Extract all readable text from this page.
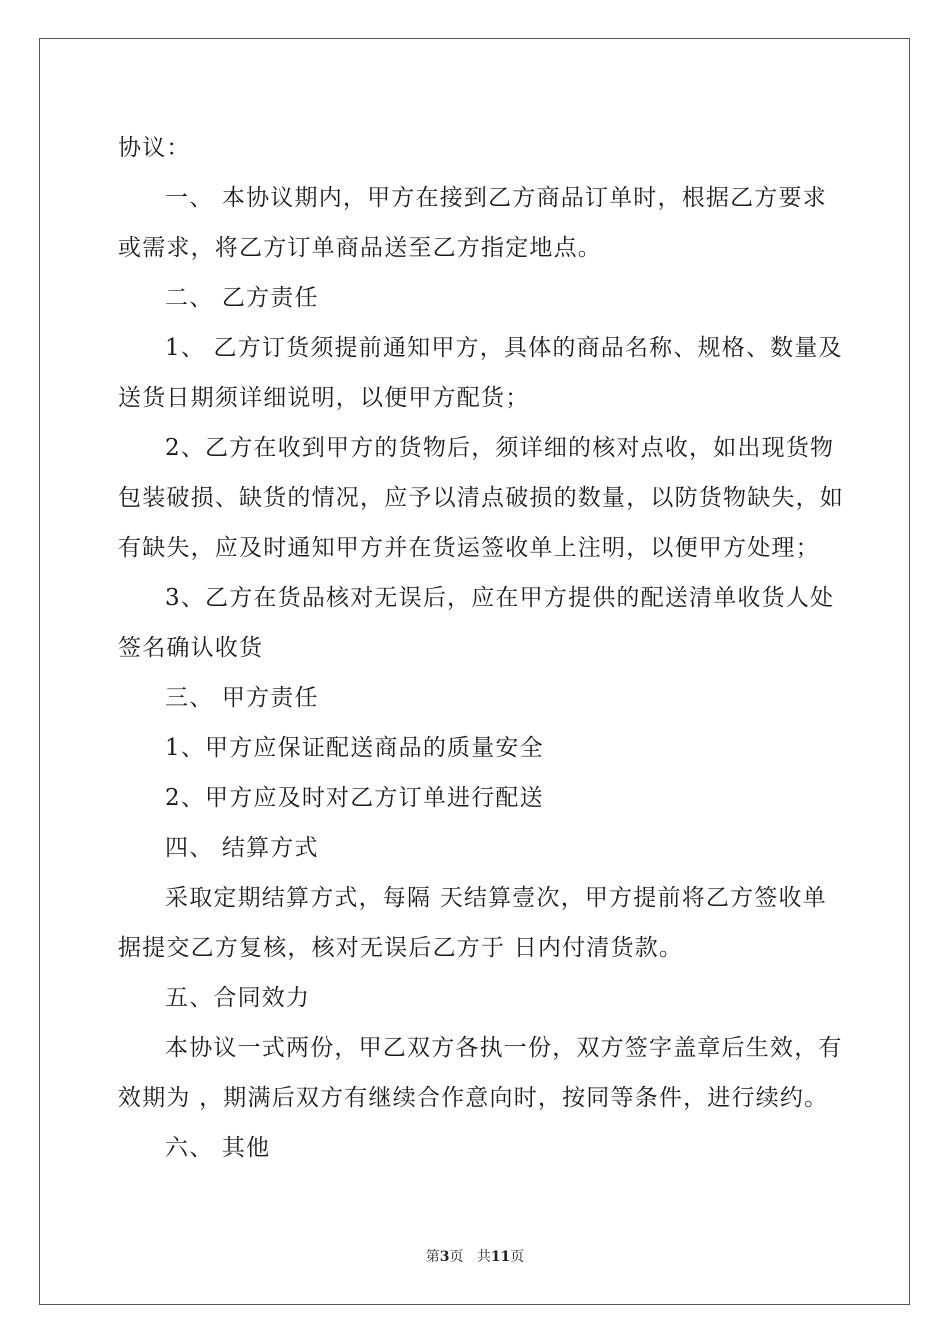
协议：
一、 本协议期内，甲方在接到乙方商品订单时，根据乙方要求
或需求，将乙方订单商品送至乙方指定地点。
二、 乙方责任
1、 乙方订货须提前通知甲方，具体的商品名称、规格、数量及
送货日期须详细说明，以便甲方配货；
2、乙方在收到甲方的货物后，须详细的核对点收，如出现货物
包装破损、缺货的情况，应予以清点破损的数量，以防货物缺失，如
有缺失，应及时通知甲方并在货运签收单上注明，以便甲方处理；
3、乙方在货品核对无误后，应在甲方提供的配送清单收货人处
签名确认收货
三、 甲方责任
1、甲方应保证配送商品的质量安全
2、甲方应及时对乙方订单进行配送
四、 结算方式
采取定期结算方式，每隔 天结算壹次，甲方提前将乙方签收单
据提交乙方复核，核对无误后乙方于 日内付清货款。
五、合同效力
本协议一式两份，甲乙双方各执一份，双方签字盖章后生效，有
效期为 ，期满后双方有继续合作意向时，按同等条件，进行续约。
六、 其他
第3页 共11页
